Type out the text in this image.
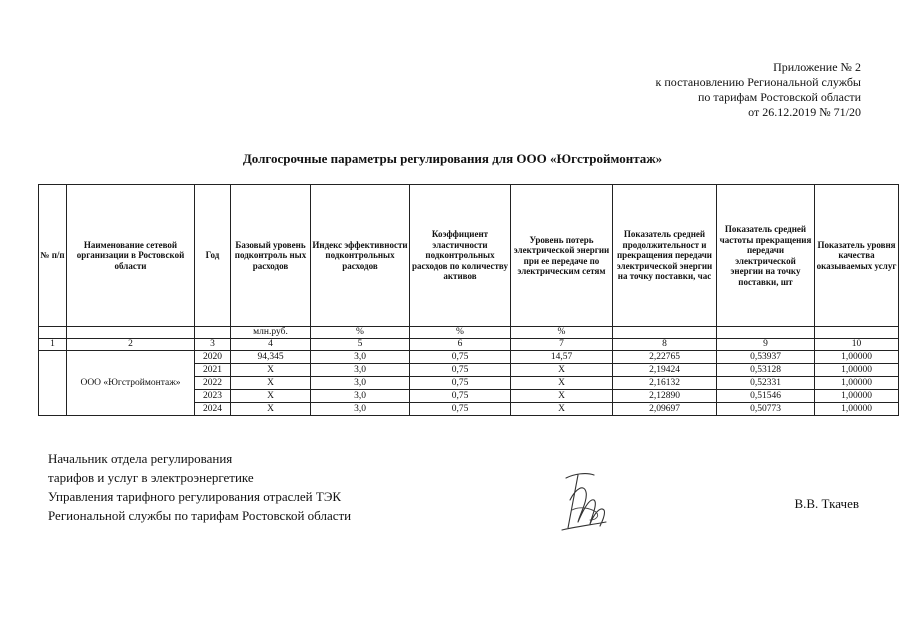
Приложение № 2
к постановлению Региональной службы
по тарифам Ростовской области
от 26.12.2019 № 71/20
Долгосрочные параметры регулирования для ООО «Югстроймонтаж»
№ п/п	Наименование сетевой организации в Ростовской области	Год	Базовый уровень подконтроль ных расходов	Индекс эффективности подконтрольных расходов	Коэффициент эластичности подконтрольных расходов по количеству активов	Уровень потерь электрической энергии при ее передаче по электрическим сетям	Показатель средней продолжительност и прекращения передачи электрической энергии на точку поставки, час	Показатель средней частоты прекращения передачи электрической энергии на точку поставки, шт	Показатель уровня качества оказываемых услуг
			млн.руб.	%	%	%			
1	2	3	4	5	6	7	8	9	10
	ООО «Югстроймонтаж»	2020	94,345	3,0	0,75	14,57	2,22765	0,53937	1,00000
		2021	X	3,0	0,75	X	2,19424	0,53128	1,00000
		2022	X	3,0	0,75	X	2,16132	0,52331	1,00000
		2023	X	3,0	0,75	X	2,12890	0,51546	1,00000
		2024	X	3,0	0,75	X	2,09697	0,50773	1,00000
Начальник отдела регулирования
тарифов и услуг в электроэнергетике
Управления тарифного регулирования отраслей ТЭК
Региональной службы по тарифам Ростовской области
В.В. Ткачев
